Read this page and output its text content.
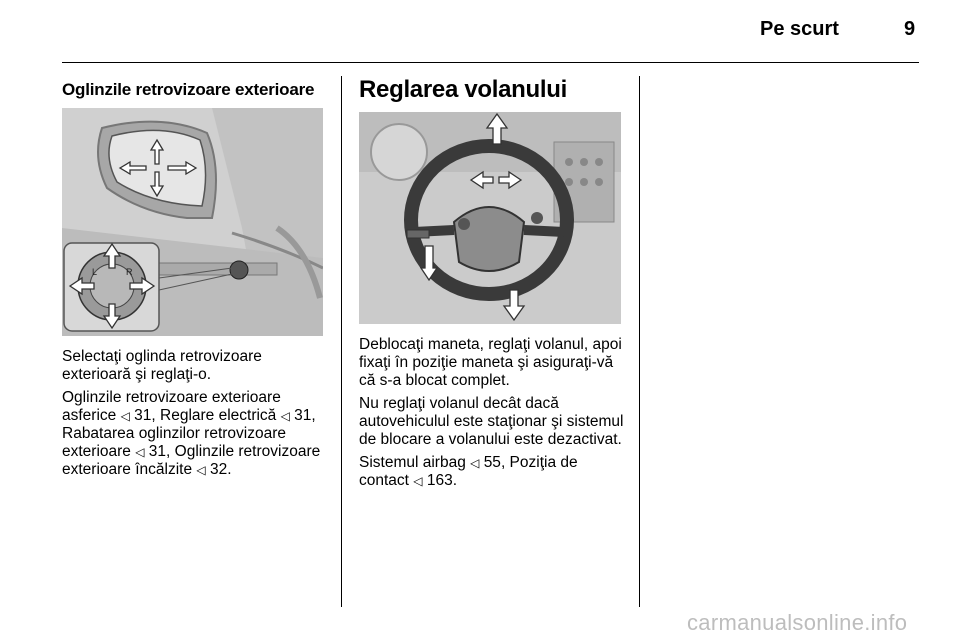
Pe scurt	9
Oglinzile retrovizoare exterioare
L	R

Selectaţi oglinda retrovizoare exterioară şi reglaţi-o.

Oglinzile retrovizoare exterioare asferice ◁ 31, Reglare electrică ◁ 31, Rabatarea oglinzilor retrovizoare exterioare ◁ 31, Oglinzile retrovizoare exterioare încălzite ◁ 32.

Reglarea volanului

Deblocaţi maneta, reglaţi volanul, apoi fixaţi în poziţie maneta şi asiguraţi-vă că s-a blocat complet.

Nu reglaţi volanul decât dacă autovehiculul este staţionar şi sistemul de blocare a volanului este dezactivat.

Sistemul airbag ◁ 55, Poziţia de contact ◁ 163.

carmanualsonline.info
